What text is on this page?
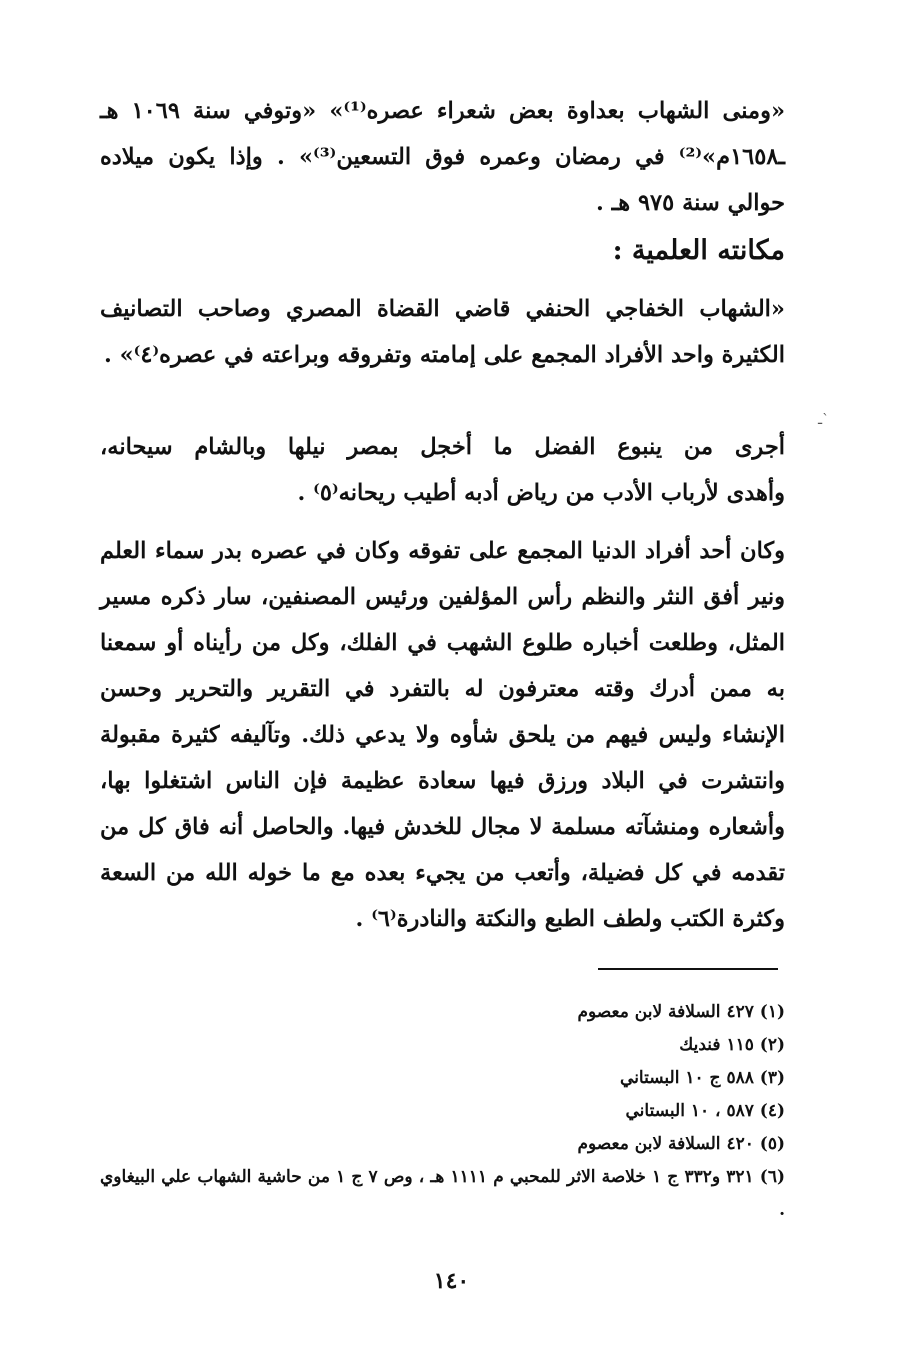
«ومنى الشهاب بعداوة بعض شعراء عصره⁽¹⁾» «وتوفي سنة ١٠٦٩ هـ ـ١٦٥٨م»⁽²⁾ في رمضان وعمره فوق التسعين⁽³⁾» . وإذا يكون ميلاده حوالي سنة ٩٧٥ هـ .

مكانته العلمية :

«الشهاب الخفاجي الحنفي قاضي القضاة المصري وصاحب التصانيف الكثيرة واحد الأفراد المجمع على إمامته وتفروقه وبراعته في عصره⁽٤⁾» .

ـ`
أجرى من ينبوع الفضل ما أخجل بمصر نيلها وبالشام سيحانه،
وأهدى لأرباب الأدب من رياض أدبه أطيب ريحانه⁽٥⁾ .

وكان أحد أفراد الدنيا المجمع على تفوقه وكان في عصره بدر سماء العلم ونير أفق النثر والنظم رأس المؤلفين ورئيس المصنفين، سار ذكره مسير المثل، وطلعت أخباره طلوع الشهب في الفلك، وكل من رأيناه أو سمعنا به ممن أدرك وقته معترفون له بالتفرد في التقرير والتحرير وحسن الإنشاء وليس فيهم من يلحق شأوه ولا يدعي ذلك. وتآليفه كثيرة مقبولة وانتشرت في البلاد ورزق فيها سعادة عظيمة فإن الناس اشتغلوا بها، وأشعاره ومنشآته مسلمة لا مجال للخدش فيها. والحاصل أنه فاق كل من تقدمه في كل فضيلة، وأتعب من يجيء بعده مع ما خوله الله من السعة وكثرة الكتب ولطف الطبع والنكتة والنادرة⁽٦⁾ .

(١) ٤٢٧ السلافة لابن معصوم
(٢) ١١٥ فنديك
(٣) ٥٨٨ ج ١٠ البستاني
(٤) ٥٨٧ ، ١٠ البستاني
(٥) ٤٢٠ السلافة لابن معصوم
(٦) ٣٢١ و٣٣٢ ج ١ خلاصة الاثر للمحبي م ١١١١ هـ ، وص ٧ ج ١ من حاشية الشهاب علي البيغاوي .
١٤٠
